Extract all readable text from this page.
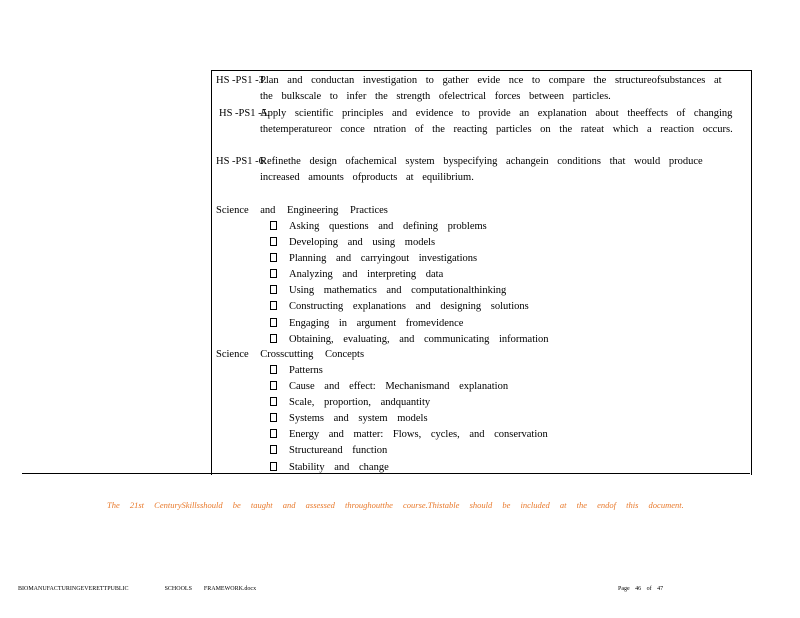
HS -PS1 -3.
Plan and conductan investigation to gather evide nce to compare the structureofsubstances at the bulkscale to infer the strength ofelectrical forces between particles.
HS -PS1 -5.
Apply scientific principles and evidence to provide an explanation about theeffects of changing thetemperatureor conce ntration of the reacting particles on the rateat which a reaction occurs.
HS -PS1 -6.
Refinethe design ofachemical system byspecifying achangein conditions that would produce increased amounts ofproducts at equilibrium.
Science and Engineering Practices
Asking questions and defining problems
Developing and using models
Planning and carryingout investigations
Analyzing and interpreting data
Using mathematics and computationalthinking
Constructing explanations and designing solutions
Engaging in argument fromevidence
Obtaining, evaluating, and communicating information
Science Crosscutting Concepts
Patterns
Cause and effect: Mechanismand explanation
Scale, proportion, andquantity
Systems and system models
Energy and matter: Flows, cycles, and conservation
Structureand function
Stability and change
The 21st CenturySkillsshould be taught and assessed throughoutthe course.Thistable should be included at the endof this document.
BIOMANUFACTURINGEVERETTPUBLIC	SCHOOLS FRAMEWORK.docx	Page 46 of 47
